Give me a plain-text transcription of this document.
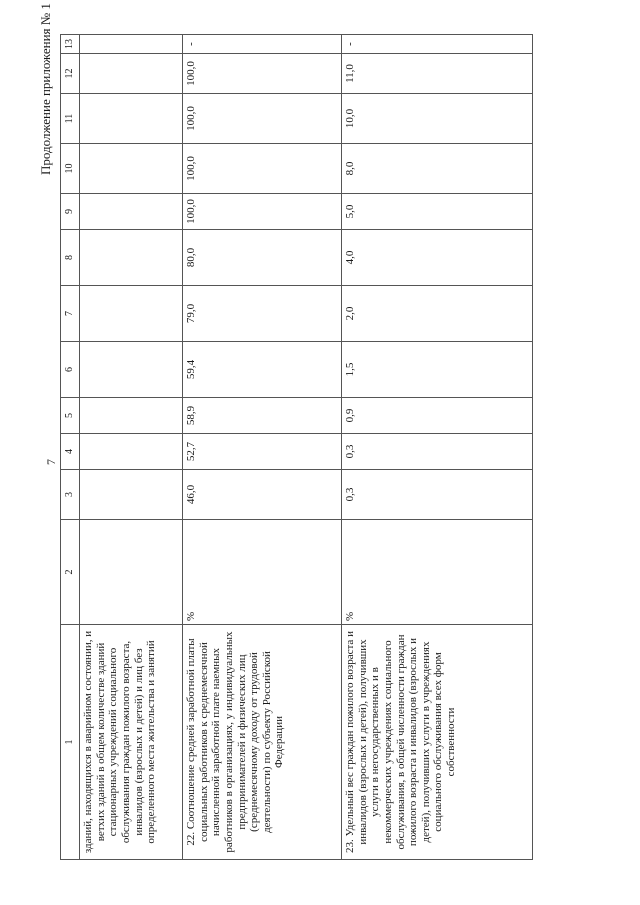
7
Продолжение приложения № 1
1	2	3	4	5	6	7	8	9	10	11	12	13
зданий, находящихся в аварийном состоянии, и ветхих зданий в общем количестве зданий стационарных учреждений социального обслуживания граждан пожилого возраста, инвалидов (взрослых и детей) и лиц без определенного места жительства и занятий												
22. Соотношение средней заработной платы социальных работников к среднемесячной начисленной заработной плате наемных работников в организациях, у индивидуальных предпринимателей и физических лиц (среднемесячному доходу от трудовой деятельности) по субъекту Российской Федерации	%	46,0	52,7	58,9	59,4	79,0	80,0	100,0	100,0	100,0	100,0	-
23. Удельный вес граждан пожилого возраста и инвалидов (взрослых и детей), получивших услуги в негосударственных и в некоммерческих учреждениях социального обслуживания, в общей численности граждан пожилого возраста и инвалидов (взрослых и детей), получивших услуги в учреждениях социального обслуживания всех форм собственности	%	0,3	0,3	0,9	1,5	2,0	4,0	5,0	8,0	10,0	11,0	-
